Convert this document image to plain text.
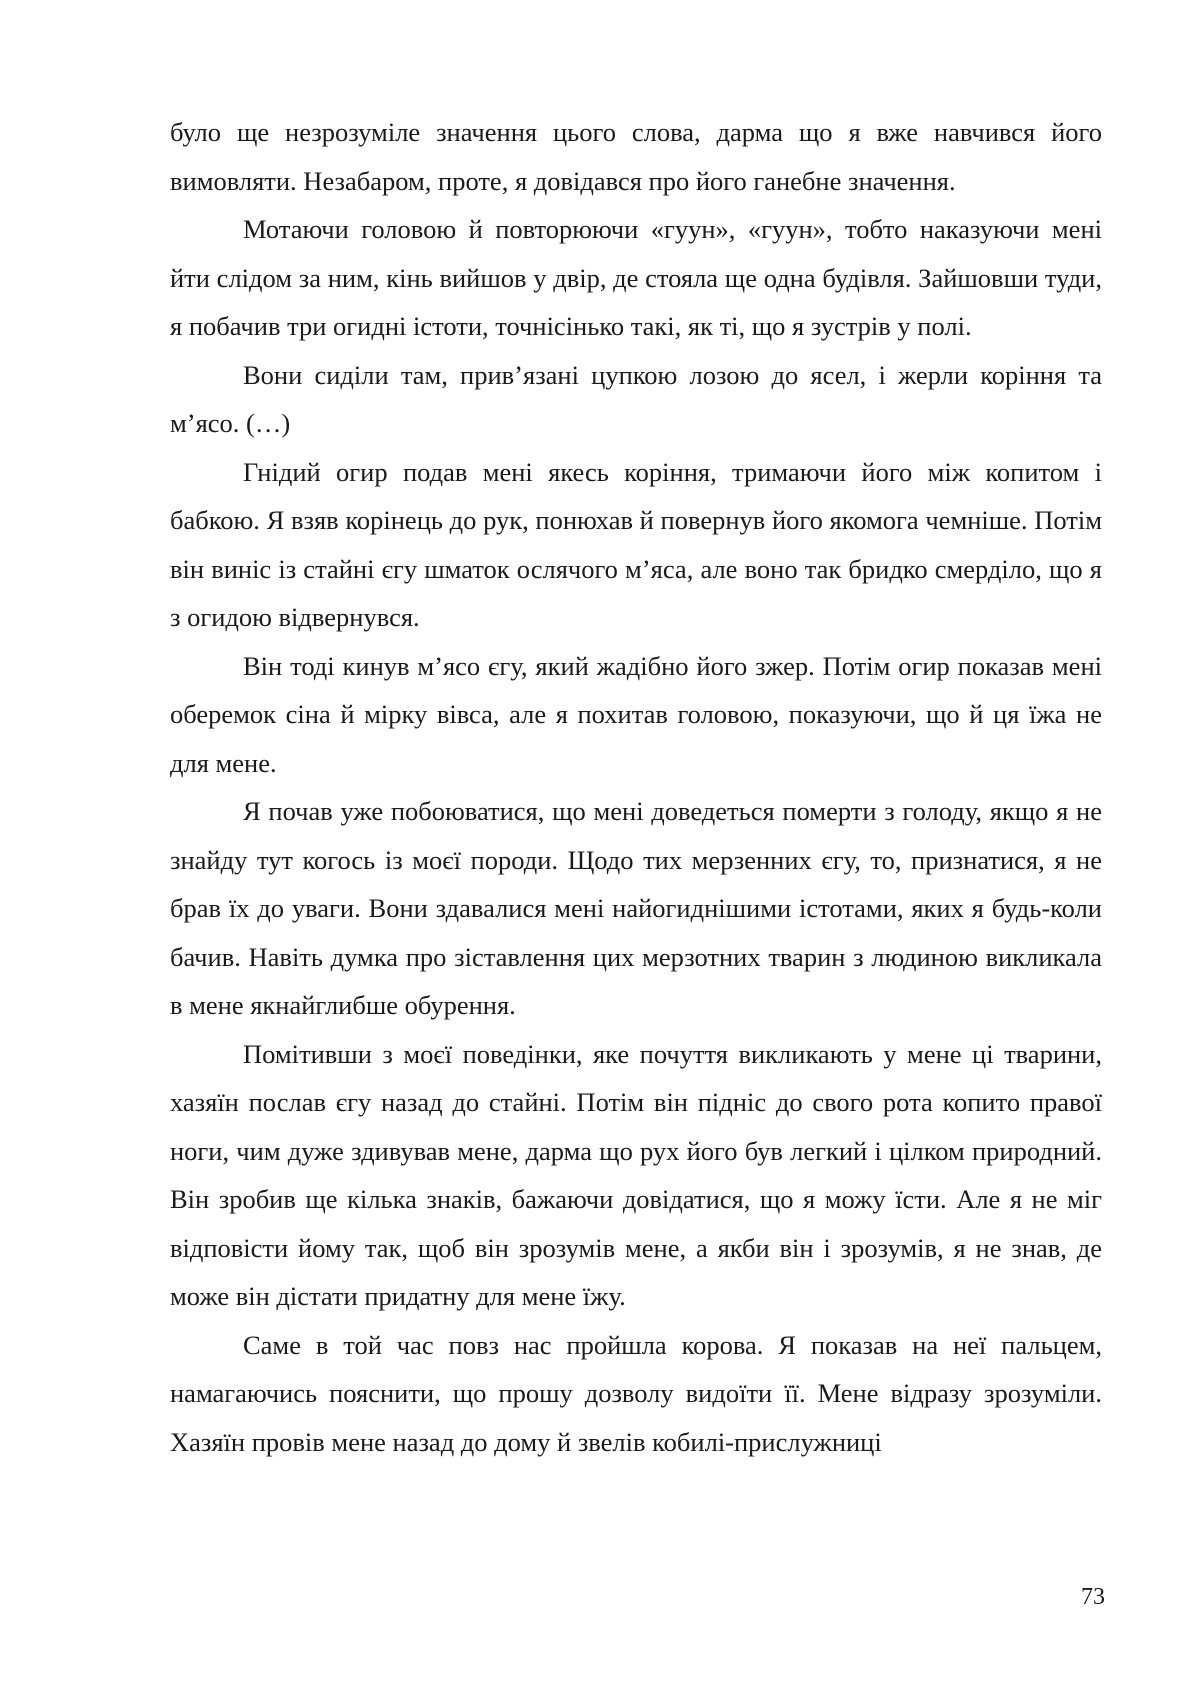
було ще незрозуміле значення цього слова, дарма що я вже навчився його вимовляти. Незабаром, проте, я довідався про його ганебне значення.

Мотаючи головою й повторюючи «гуун», «гуун», тобто наказуючи мені йти слідом за ним, кінь вийшов у двір, де стояла ще одна будівля. Зайшовши туди, я побачив три огидні істоти, точнісінько такі, як ті, що я зустрів у полі.

Вони сиділи там, прив’язані цупкою лозою до ясел, і жерли коріння та м’ясо. (…)

Гнідий огир подав мені якесь коріння, тримаючи його між копитом і бабкою. Я взяв корінець до рук, понюхав й повернув його якомога чемніше. Потім він виніс із стайні єгу шматок ослячого м’яса, але воно так бридко смерділо, що я з огидою відвернувся.

Він тоді кинув м’ясо єгу, який жадібно його зжер. Потім огир показав мені оберемок сіна й мірку вівса, але я похитав головою, показуючи, що й ця їжа не для мене.

Я почав уже побоюватися, що мені доведеться померти з голоду, якщо я не знайду тут когось із моєї породи. Щодо тих мерзенних єгу, то, признатися, я не брав їх до уваги. Вони здавалися мені найогиднішими істотами, яких я будь-коли бачив. Навіть думка про зіставлення цих мерзотних тварин з людиною викликала в мене якнайглибше обурення.

Помітивши з моєї поведінки, яке почуття викликають у мене ці тварини, хазяїн послав єгу назад до стайні. Потім він підніс до свого рота копито правої ноги, чим дуже здивував мене, дарма що рух його був легкий і цілком природний. Він зробив ще кілька знаків, бажаючи довідатися, що я можу їсти. Але я не міг відповісти йому так, щоб він зрозумів мене, а якби він і зрозумів, я не знав, де може він дістати придатну для мене їжу.

Саме в той час повз нас пройшла корова. Я показав на неї пальцем, намагаючись пояснити, що прошу дозволу видоїти її. Мене відразу зрозуміли. Хазяїн провів мене назад до дому й звелів кобилі-прислужниці

73
